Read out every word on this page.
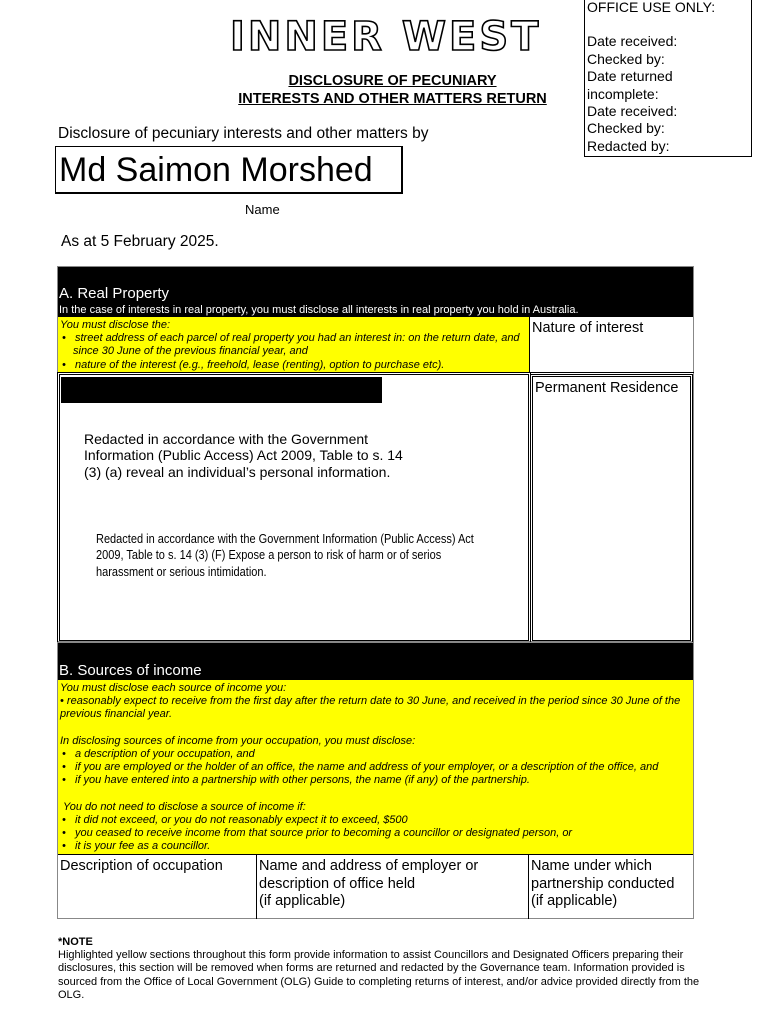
INNER WEST
OFFICE USE ONLY:
Date received:
Checked by:
Date returned
incomplete:
Date received:
Checked by:
Redacted by:
DISCLOSURE OF PECUNIARY
INTERESTS AND OTHER MATTERS RETURN
Disclosure of pecuniary interests and other matters by
Md Saimon Morshed
Name
As at 5 February 2025.
A. Real Property
In the case of interests in real property, you must disclose all interests in real property you hold in Australia.
You must disclose the:
• street address of each parcel of real property you had an interest in: on the return date, and since 30 June of the previous financial year, and
• nature of the interest (e.g., freehold, lease (renting), option to purchase etc).
Nature of interest
Redacted in accordance with the Government Information (Public Access) Act 2009, Table to s. 14 (3) (a) reveal an individual’s personal information.
Redacted in accordance with the Government Information (Public Access) Act 2009, Table to s. 14 (3) (F) Expose a person to risk of harm or of serios harassment or serious intimidation.
Permanent Residence
B. Sources of income
You must disclose each source of income you:
• reasonably expect to receive from the first day after the return date to 30 June, and received in the period since 30 June of the previous financial year.
In disclosing sources of income from your occupation, you must disclose:
• a description of your occupation, and
• if you are employed or the holder of an office, the name and address of your employer, or a description of the office, and
• if you have entered into a partnership with other persons, the name (if any) of the partnership.
You do not need to disclose a source of income if:
• it did not exceed, or you do not reasonably expect it to exceed, $500
• you ceased to receive income from that source prior to becoming a councillor or designated person, or
• it is your fee as a councillor.
Description of occupation	Name and address of employer or
description of office held
(if applicable)
Name under which
partnership conducted
(if applicable)
*NOTE
Highlighted yellow sections throughout this form provide information to assist Councillors and Designated Officers preparing their disclosures, this section will be removed when forms are returned and redacted by the Governance team. Information provided is sourced from the Office of Local Government (OLG) Guide to completing returns of interest, and/or advice provided directly from the OLG.
